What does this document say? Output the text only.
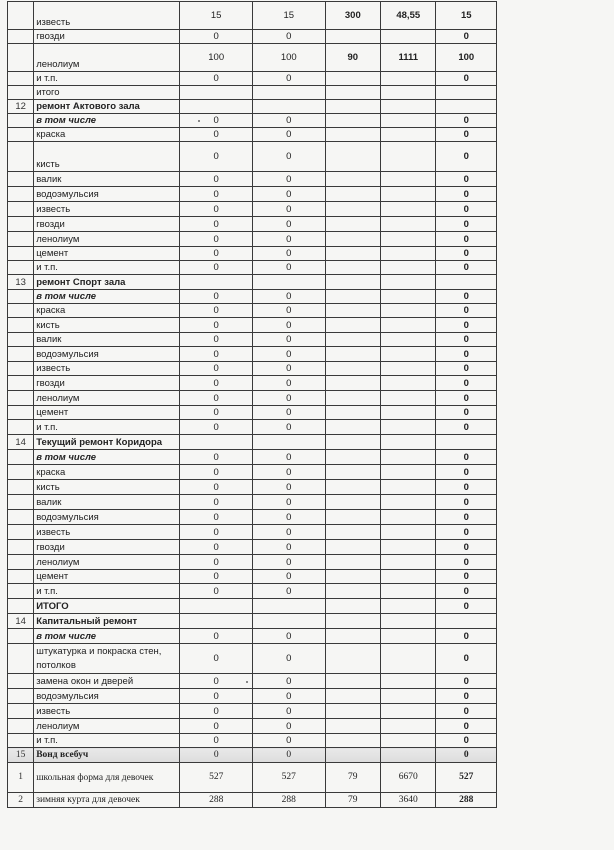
	известь	15	15	300	48,55	15
	гвозди	0	0			0
	ленолиум	100	100	90	1111	100
	и т.п.	0	0			0
	итого					
12	ремонт Актового зала					
	в том числе	0	0			0
	краска	0	0			0
	кисть	0	0			0
	валик	0	0			0
	водоэмульсия	0	0			0
	известь	0	0			0
	гвозди	0	0			0
	ленолиум	0	0			0
	цемент	0	0			0
	и т.п.	0	0			0
13	ремонт Спорт зала					
	в том числе	0	0			0
	краска	0	0			0
	кисть	0	0			0
	валик	0	0			0
	водоэмульсия	0	0			0
	известь	0	0			0
	гвозди	0	0			0
	ленолиум	0	0			0
	цемент	0	0			0
	и т.п.	0	0			0
14	Текущий ремонт Коридора					
	в том числе	0	0			0
	краска	0	0			0
	кисть	0	0			0
	валик	0	0			0
	водоэмульсия	0	0			0
	известь	0	0			0
	гвозди	0	0			0
	ленолиум	0	0			0
	цемент	0	0			0
	и т.п.	0	0			0
	ИТОГО					0
14	Капитальный ремонт					
	в том числе	0	0			0
	штукатурка и покраска стен, потолков	0	0			0
	замена окон и дверей	0	0			0
	водоэмульсия	0	0			0
	известь	0	0			0
	ленолиум	0	0			0
	и т.п.	0	0			0
15	Вонд всебуч	0	0			0
1	школьная форма для девочек	527	527	79	6670	527
2	зимняя курта для девочек	288	288	79	3640	288
